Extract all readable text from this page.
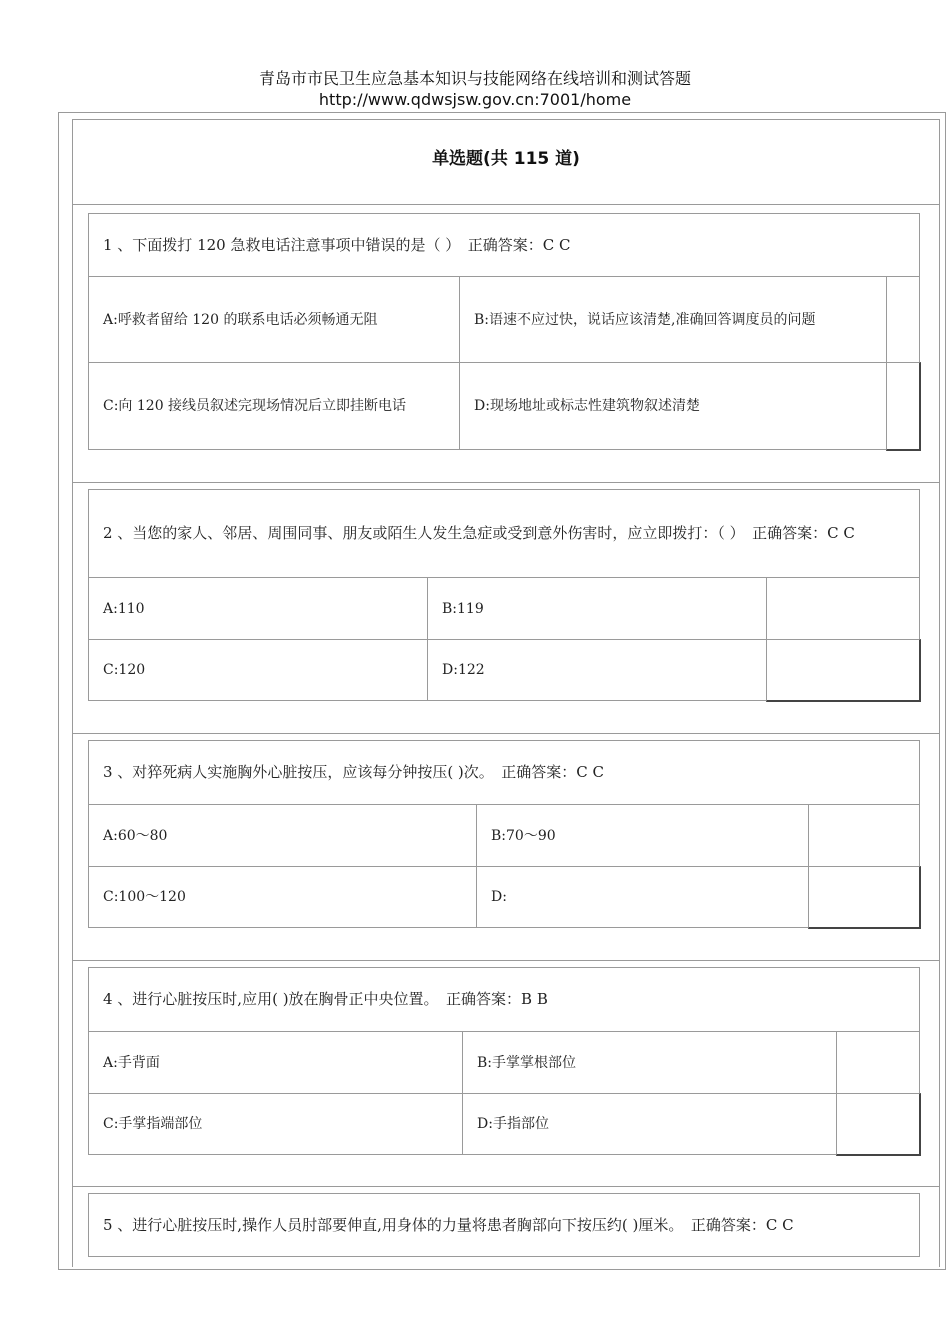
青岛市市民卫生应急基本知识与技能网络在线培训和测试答题
http://www.qdwsjsw.gov.cn:7001/home
单选题(共 115 道)
1 、下面拨打 120 急救电话注意事项中错误的是（ ）　正确答案：C C
A:呼救者留给 120 的联系电话必须畅通无阻	B:语速不应过快，说话应该清楚,准确回答调度员的问题
C:向 120 接线员叙述完现场情况后立即挂断电话	D:现场地址或标志性建筑物叙述清楚
2 、当您的家人、邻居、周围同事、朋友或陌生人发生急症或受到意外伤害时，应立即拨打：（ ）　正确答案：C C
A:110	B:119
C:120	D:122
3 、对猝死病人实施胸外心脏按压，应该每分钟按压( )次。　正确答案：C C
A:60～80	B:70～90
C:100～120	D:
4 、进行心脏按压时,应用( )放在胸骨正中央位置。　正确答案：B B
A:手背面	B:手掌掌根部位
C:手掌指端部位	D:手指部位
5 、进行心脏按压时,操作人员肘部要伸直,用身体的力量将患者胸部向下按压约( )厘米。　正确答案：C C
